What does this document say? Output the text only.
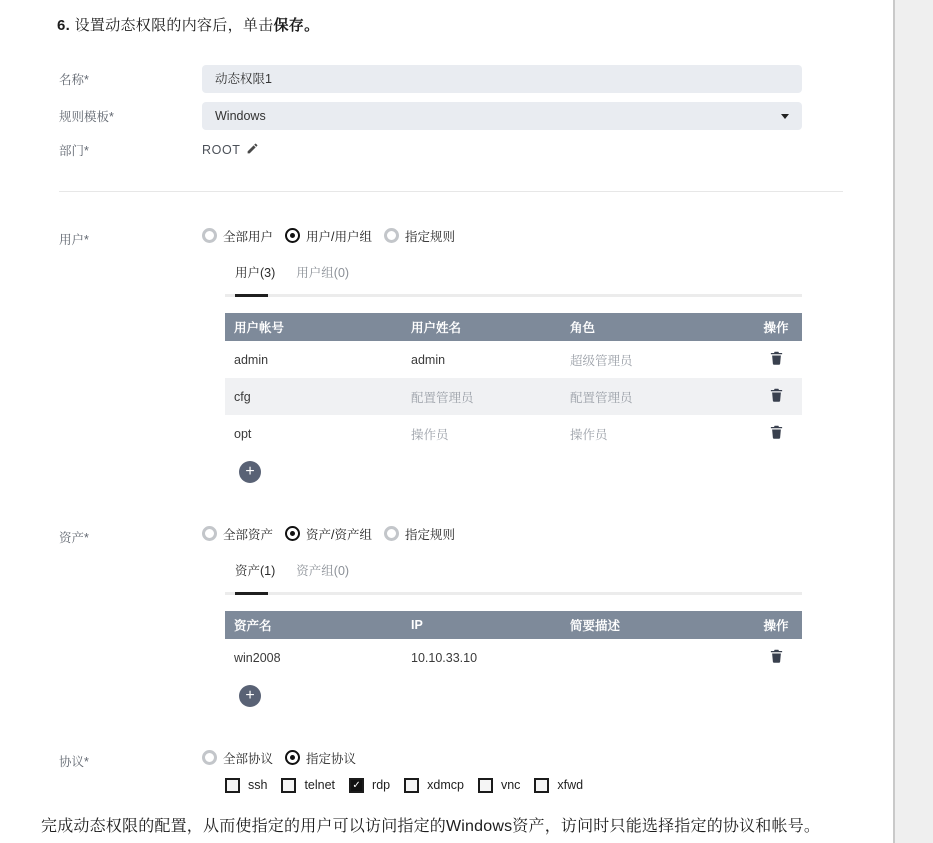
6. 设置动态权限的内容后，单击保存。
名称*
动态权限1
规则模板*	Windows
部门*	ROOT
用户*	全部用户	用户/用户组	指定规则
用户(3) 用户组(0)
用户帐号	用户姓名	角色	操作
admin	admin	超级管理员
cfg	配置管理员	配置管理员
opt	操作员	操作员
+
资产*	全部资产	资产/资产组	指定规则
资产(1) 资产组(0)
资产名	IP	简要描述	操作
win2008	10.10.33.10
+
协议*	全部协议	指定协议
ssh	telnet ✓	rdp	xdmcp	vnc	xfwd
完成动态权限的配置，从而使指定的用户可以访问指定的Windows资产，访问时只能选择指定的协议和帐号。
